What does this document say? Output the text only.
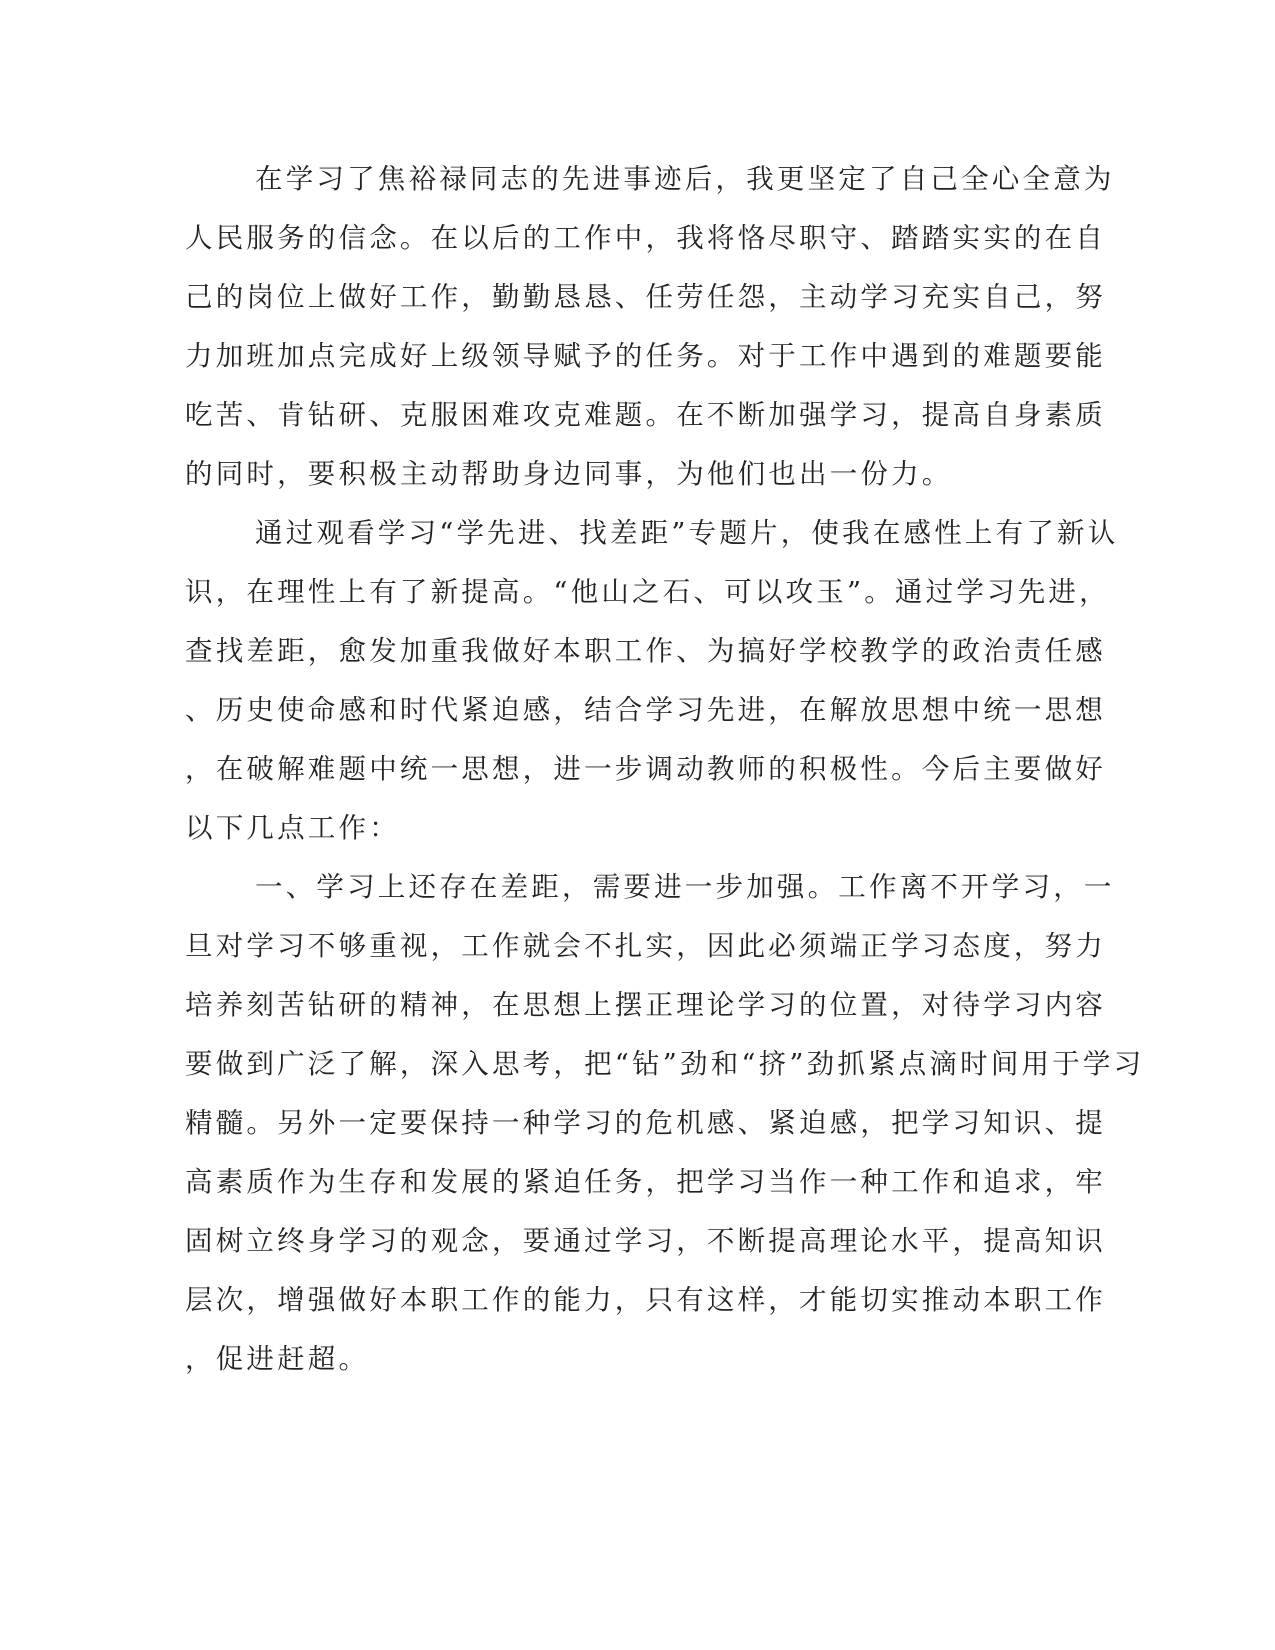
在学习了焦裕禄同志的先进事迹后，我更坚定了自己全心全意为
人民服务的信念。在以后的工作中，我将恪尽职守、踏踏实实的在自
己的岗位上做好工作，勤勤恳恳、任劳任怨，主动学习充实自己，努
力加班加点完成好上级领导赋予的任务。对于工作中遇到的难题要能
吃苦、肯钻研、克服困难攻克难题。在不断加强学习，提高自身素质
的同时，要积极主动帮助身边同事，为他们也出一份力。
通过观看学习“学先进、找差距”专题片，使我在感性上有了新认
识，在理性上有了新提高。“他山之石、可以攻玉”。通过学习先进，
查找差距，愈发加重我做好本职工作、为搞好学校教学的政治责任感
、历史使命感和时代紧迫感，结合学习先进，在解放思想中统一思想
，在破解难题中统一思想，进一步调动教师的积极性。今后主要做好
以下几点工作：
一、学习上还存在差距，需要进一步加强。工作离不开学习，一
旦对学习不够重视，工作就会不扎实，因此必须端正学习态度，努力
培养刻苦钻研的精神，在思想上摆正理论学习的位置，对待学习内容
要做到广泛了解，深入思考，把“钻”劲和“挤”劲抓紧点滴时间用于学习
精髓。另外一定要保持一种学习的危机感、紧迫感，把学习知识、提
高素质作为生存和发展的紧迫任务，把学习当作一种工作和追求，牢
固树立终身学习的观念，要通过学习，不断提高理论水平，提高知识
层次，增强做好本职工作的能力，只有这样，才能切实推动本职工作
，促进赶超。
